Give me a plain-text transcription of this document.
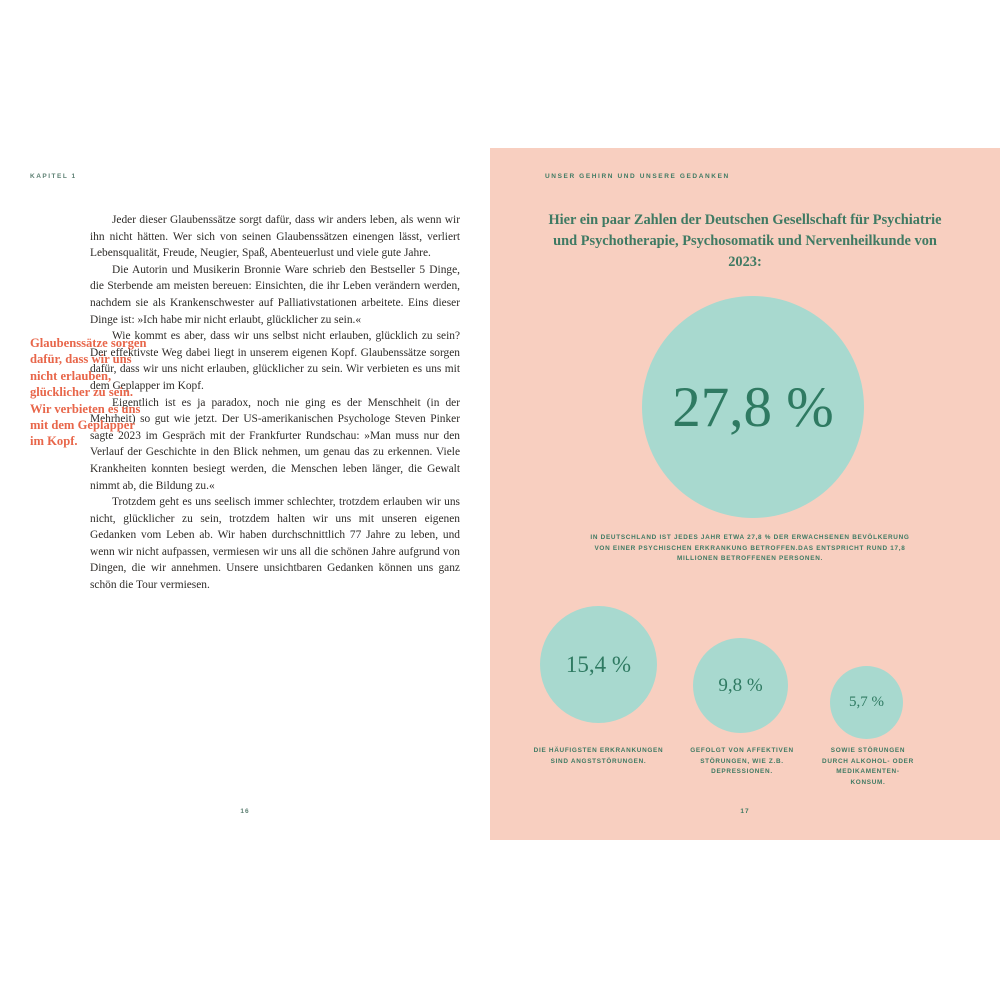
KAPITEL 1

Jeder dieser Glaubenssätze sorgt dafür, dass wir anders leben, als wenn wir ihn nicht hätten. Wer sich von seinen Glaubenssätzen einengen lässt, verliert Lebensqualität, Freude, Neugier, Spaß, Abenteuerlust und viele gute Jahre.

Die Autorin und Musikerin Bronnie Ware schrieb den Bestseller 5 Dinge, die Sterbende am meisten bereuen: Einsichten, die ihr Leben verändern werden, nachdem sie als Krankenschwester auf Palliativstationen arbeitete. Eins dieser Dinge ist: »Ich habe mir nicht erlaubt, glücklicher zu sein.«

Wie kommt es aber, dass wir uns selbst nicht erlauben, glücklich zu sein? Der effektivste Weg dabei liegt in unserem eigenen Kopf. Glaubenssätze sorgen dafür, dass wir uns nicht erlauben, glücklicher zu sein. Wir verbieten es uns mit dem Geplapper im Kopf.

Eigentlich ist es ja paradox, noch nie ging es der Menschheit (in der Mehrheit) so gut wie jetzt. Der US-amerikanischen Psychologe Steven Pinker sagte 2023 im Gespräch mit der Frankfurter Rundschau: »Man muss nur den Verlauf der Geschichte in den Blick nehmen, um genau das zu erkennen. Viele Krankheiten konnten besiegt werden, die Menschen leben länger, die Gewalt nimmt ab, die Bildung zu.«

Trotzdem geht es uns seelisch immer schlechter, trotzdem erlauben wir uns nicht, glücklicher zu sein, trotzdem halten wir uns mit unseren eigenen Gedanken vom Leben ab. Wir haben durchschnittlich 77 Jahre zu leben, und wenn wir nicht aufpassen, vermiesen wir uns all die schönen Jahre aufgrund von Dingen, die wir annehmen. Unsere unsichtbaren Gedanken können uns ganz schön die Tour vermiesen.

Glaubenssätze sorgen dafür, dass wir uns nicht erlauben, glücklicher zu sein. Wir verbieten es uns mit dem Geplapper im Kopf.
16
UNSER GEHIRN UND UNSERE GEDANKEN
Hier ein paar Zahlen der Deutschen Gesellschaft für Psychiatrie und Psychotherapie, Psychosomatik und Nervenheilkunde von 2023:
27,8 %
IN DEUTSCHLAND IST JEDES JAHR ETWA 27,8 % DER ERWACHSENEN BEVÖLKERUNG VON EINER PSYCHISCHEN ERKRANKUNG BETROFFEN.DAS ENTSPRICHT RUND 17,8 MILLIONEN BETROFFENEN PERSONEN.
15,4 %
DIE HÄUFIGSTEN ERKRANKUNGEN SIND ANGSTSTÖRUNGEN.
9,8 %
GEFOLGT VON AFFEKTIVEN STÖRUNGEN, WIE Z.B. DEPRESSIONEN.
5,7 %
SOWIE STÖRUNGEN DURCH ALKOHOL- ODER MEDIKAMENTEN- KONSUM.
17
